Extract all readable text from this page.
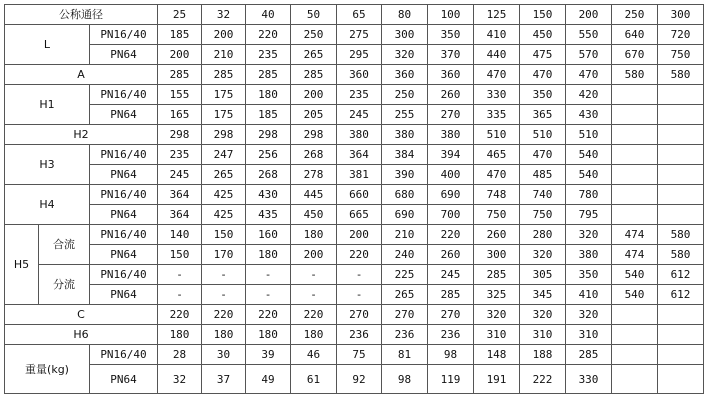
公称通径			25	32	40	50	65	80	100	125	150	200	250	300
L		PN16/40	185	200	220	250	275	300	350	410	450	550	640	720
		PN64	200	210	235	265	295	320	370	440	475	570	670	750
A			285	285	285	285	360	360	360	470	470	470	580	580
H1		PN16/40	155	175	180	200	235	250	260	330	350	420		
		PN64	165	175	185	205	245	255	270	335	365	430		
H2			298	298	298	298	380	380	380	510	510	510		
H3		PN16/40	235	247	256	268	364	384	394	465	470	540		
		PN64	245	265	268	278	381	390	400	470	485	540		
H4		PN16/40	364	425	430	445	660	680	690	748	740	780		
		PN64	364	425	435	450	665	690	700	750	750	795		
H5	合流	PN16/40	140	150	160	180	200	210	220	260	280	320	474	580
		PN64	150	170	180	200	220	240	260	300	320	380	474	580
	分流	PN16/40	-	-	-	-	-	225	245	285	305	350	540	612
		PN64	-	-	-	-	-	265	285	325	345	410	540	612
C			220	220	220	220	270	270	270	320	320	320		
H6			180	180	180	180	236	236	236	310	310	310		
重量(kg)		PN16/40	28	30	39	46	75	81	98	148	188	285		
		PN64	32	37	49	61	92	98	119	191	222	330		
